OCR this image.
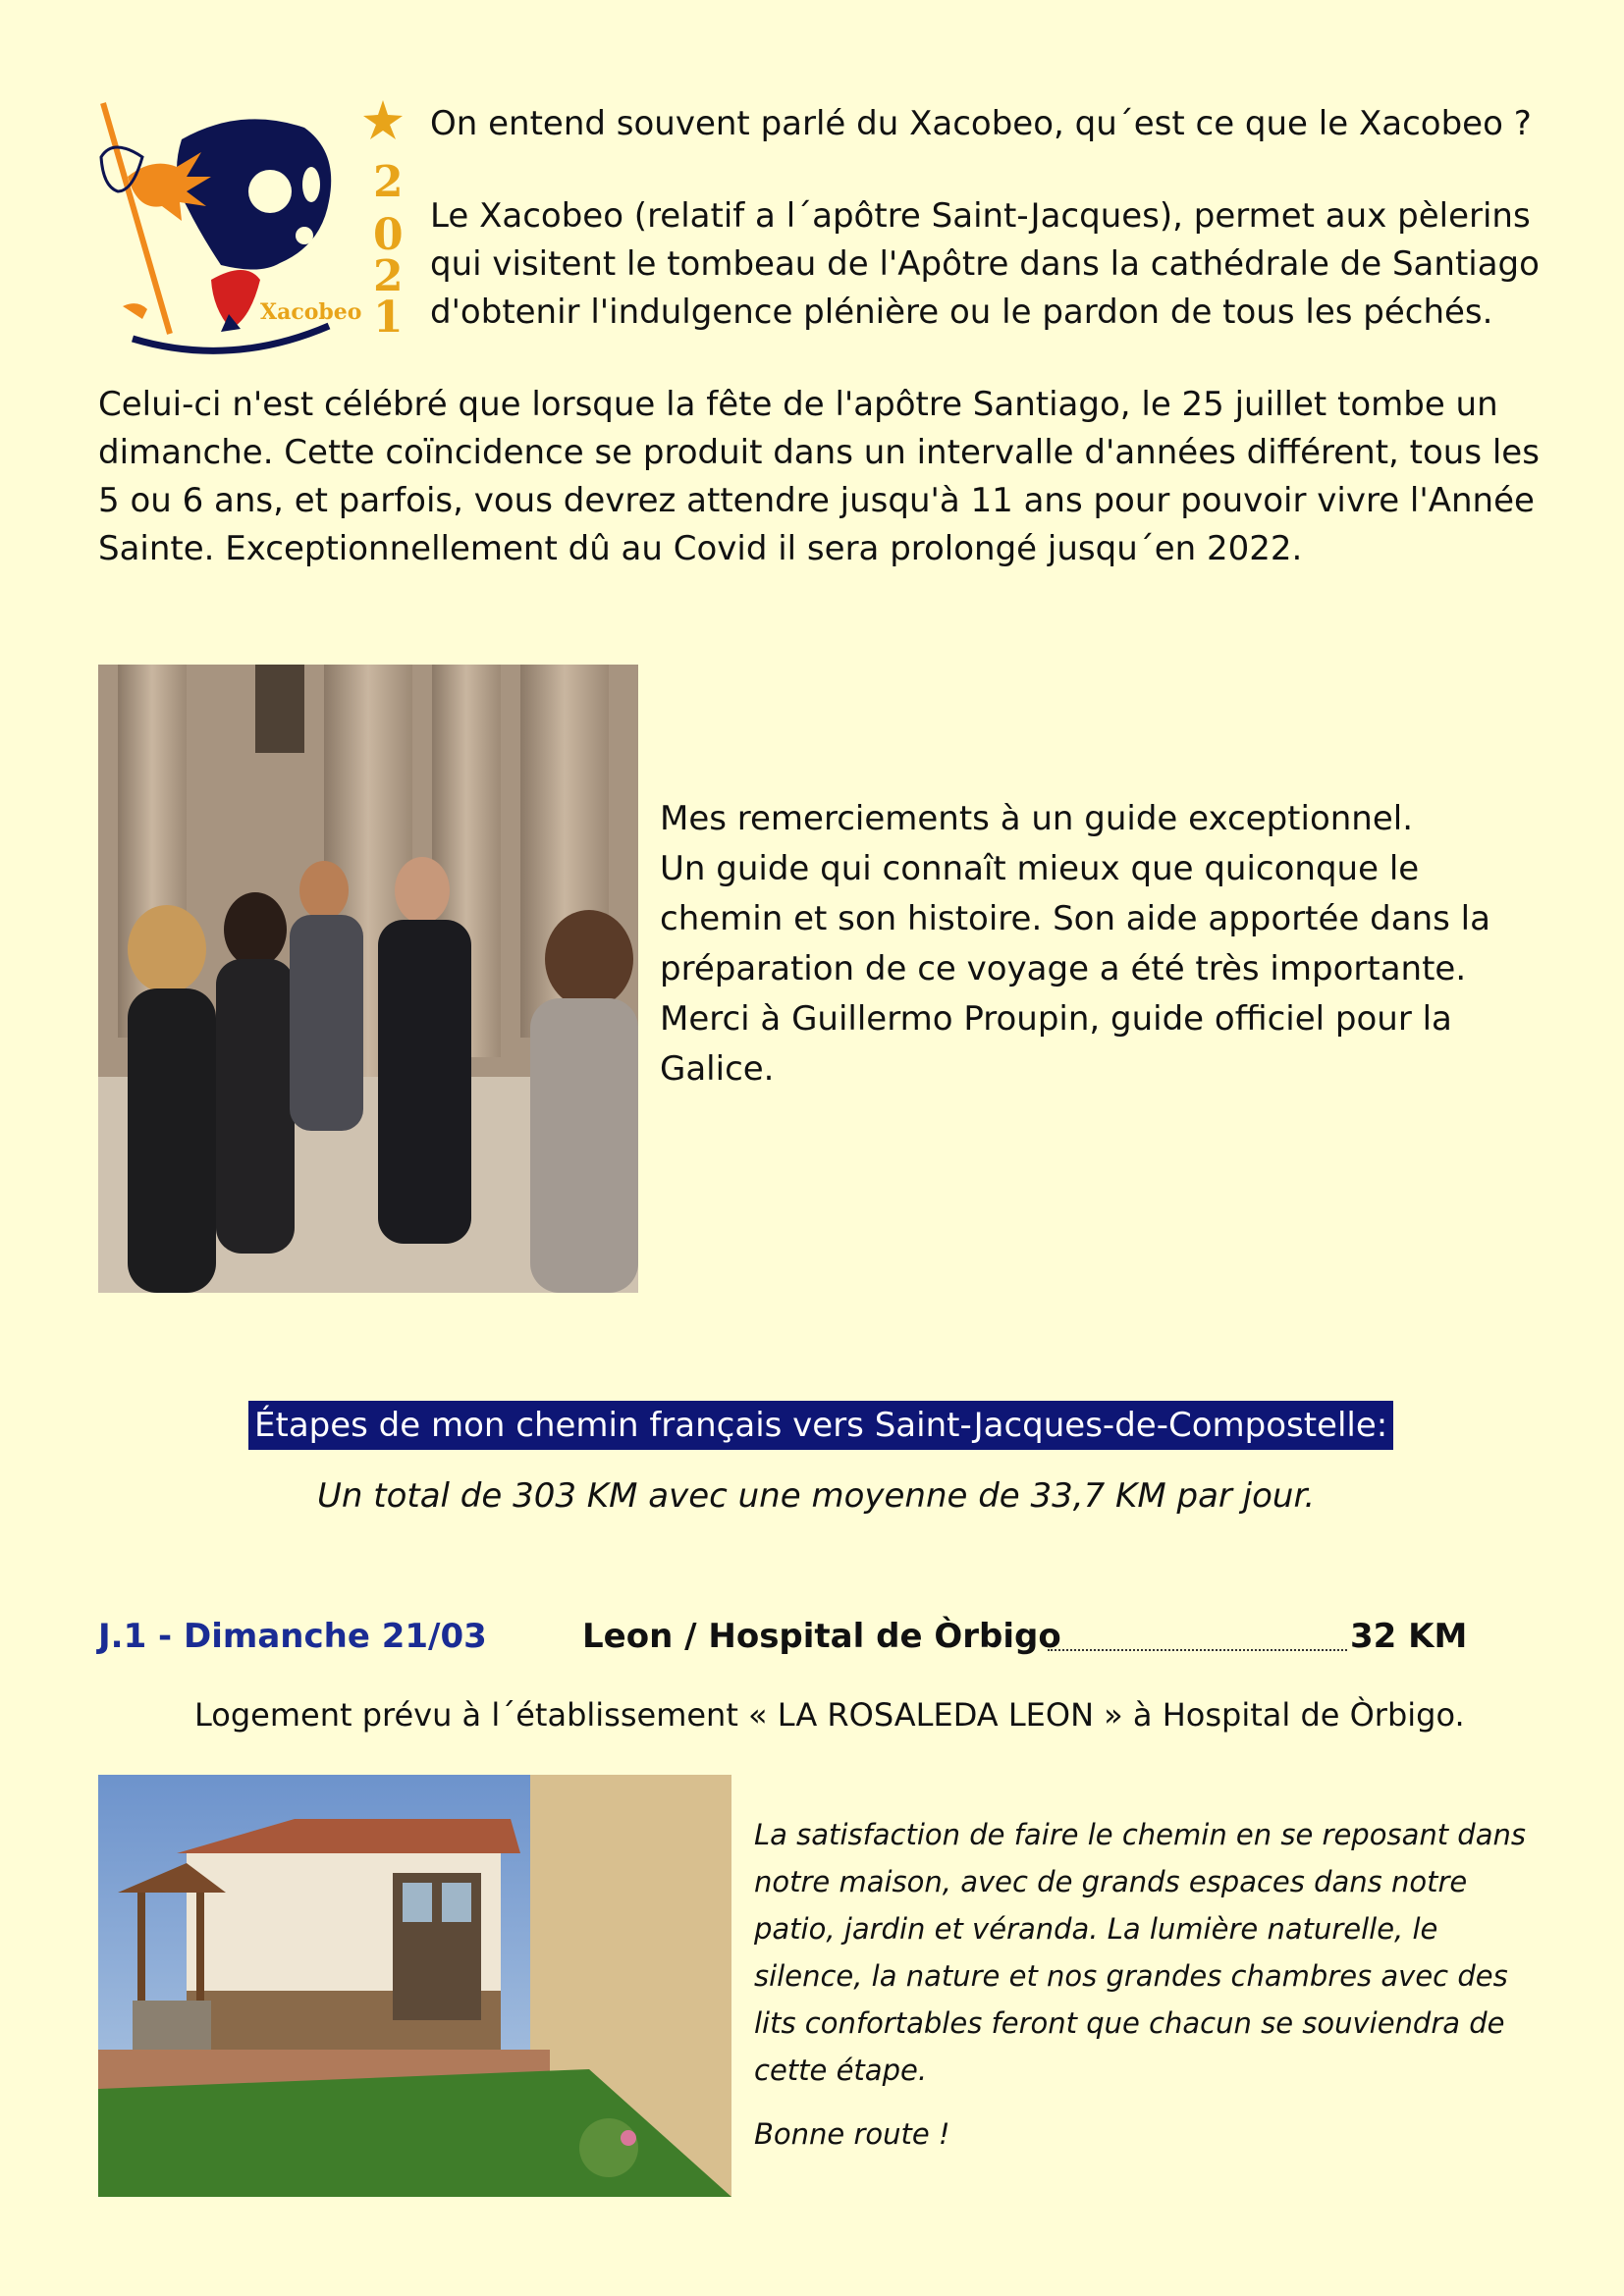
2
0
2
1
Xacobeo
On entend souvent parlé du Xacobeo, qu´est ce que le Xacobeo ?
Le Xacobeo (relatif a l´apôtre Saint-Jacques), permet aux pèlerins
qui visitent le tombeau de l'Apôtre dans la cathédrale de Santiago
d'obtenir l'indulgence plénière ou le pardon de tous les péchés.
Celui-ci n'est célébré que lorsque la fête de l'apôtre Santiago, le 25 juillet tombe un
dimanche. Cette coïncidence se produit dans un intervalle d'années différent, tous les
5 ou 6 ans, et parfois, vous devrez attendre jusqu'à 11 ans pour pouvoir vivre l'Année
Sainte. Exceptionnellement dû au Covid il sera prolongé jusqu´en 2022.
Mes remerciements à un guide exceptionnel.
Un guide qui connaît mieux que quiconque le
chemin et son histoire. Son aide apportée dans la
préparation de ce voyage a été très importante.
Merci à Guillermo Proupin, guide officiel pour la
Galice.
Étapes de mon chemin français vers Saint-Jacques-de-Compostelle:
Un total de 303 KM avec une moyenne de 33,7 KM par jour.
J.1 - Dimanche 21/03	Leon / Hospital de Òrbigo	32 KM
Logement prévu à l´établissement « LA ROSALEDA LEON » à Hospital de Òrbigo.
La satisfaction de faire le chemin en se reposant dans
notre maison, avec de grands espaces dans notre
patio, jardin et véranda. La lumière naturelle, le
silence, la nature et nos grandes chambres avec des
lits confortables feront que chacun se souviendra de
cette étape.
Bonne route !
